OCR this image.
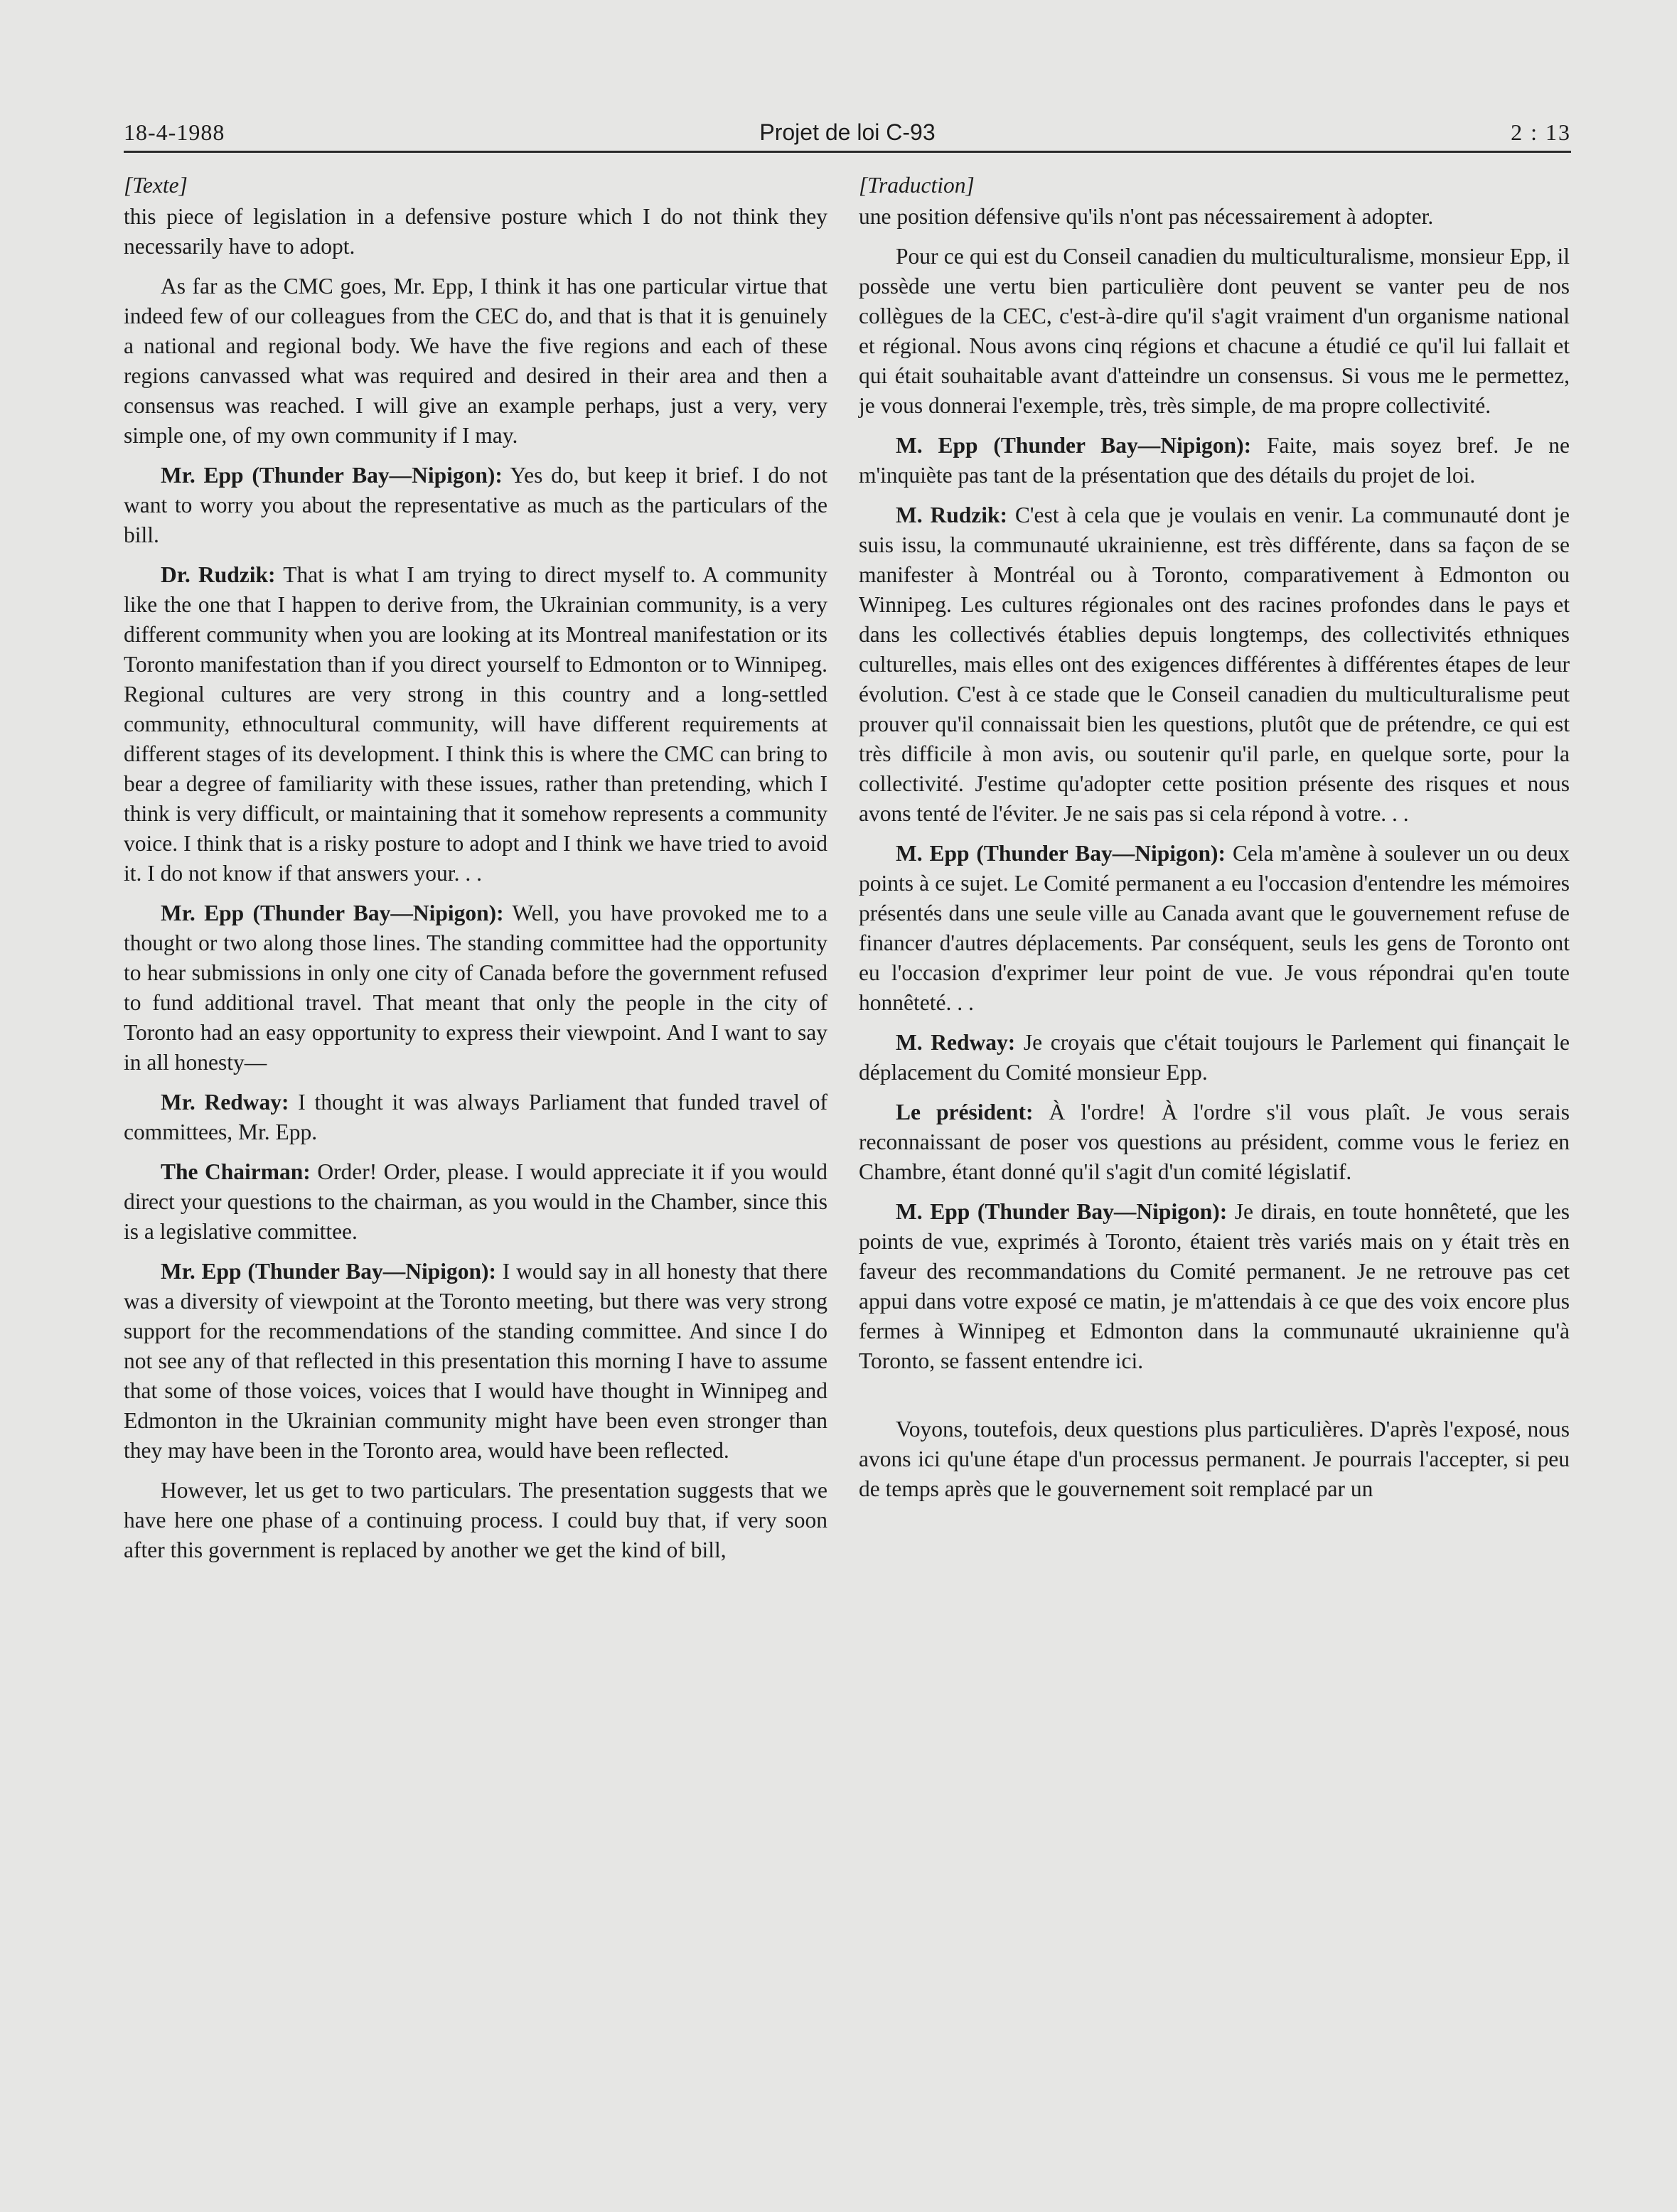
18-4-1988	Projet de loi C-93	2 : 13
[Texte]

this piece of legislation in a defensive posture which I do not think they necessarily have to adopt.

As far as the CMC goes, Mr. Epp, I think it has one particular virtue that indeed few of our colleagues from the CEC do, and that is that it is genuinely a national and regional body. We have the five regions and each of these regions canvassed what was required and desired in their area and then a consensus was reached. I will give an example perhaps, just a very, very simple one, of my own community if I may.

Mr. Epp (Thunder Bay—Nipigon): Yes do, but keep it brief. I do not want to worry you about the representative as much as the particulars of the bill.

Dr. Rudzik: That is what I am trying to direct myself to. A community like the one that I happen to derive from, the Ukrainian community, is a very different community when you are looking at its Montreal manifestation or its Toronto manifestation than if you direct yourself to Edmonton or to Winnipeg. Regional cultures are very strong in this country and a long-settled community, ethnocultural community, will have different requirements at different stages of its development. I think this is where the CMC can bring to bear a degree of familiarity with these issues, rather than pretending, which I think is very difficult, or maintaining that it somehow represents a community voice. I think that is a risky posture to adopt and I think we have tried to avoid it. I do not know if that answers your. . .

Mr. Epp (Thunder Bay—Nipigon): Well, you have provoked me to a thought or two along those lines. The standing committee had the opportunity to hear submissions in only one city of Canada before the government refused to fund additional travel. That meant that only the people in the city of Toronto had an easy opportunity to express their viewpoint. And I want to say in all honesty—

Mr. Redway: I thought it was always Parliament that funded travel of committees, Mr. Epp.

The Chairman: Order! Order, please. I would appreciate it if you would direct your questions to the chairman, as you would in the Chamber, since this is a legislative committee.

Mr. Epp (Thunder Bay—Nipigon): I would say in all honesty that there was a diversity of viewpoint at the Toronto meeting, but there was very strong support for the recommendations of the standing committee. And since I do not see any of that reflected in this presentation this morning I have to assume that some of those voices, voices that I would have thought in Winnipeg and Edmonton in the Ukrainian community might have been even stronger than they may have been in the Toronto area, would have been reflected.

However, let us get to two particulars. The presentation suggests that we have here one phase of a continuing process. I could buy that, if very soon after this government is replaced by another we get the kind of bill,

[Traduction]

une position défensive qu'ils n'ont pas nécessairement à adopter.

Pour ce qui est du Conseil canadien du multiculturalisme, monsieur Epp, il possède une vertu bien particulière dont peuvent se vanter peu de nos collègues de la CEC, c'est-à-dire qu'il s'agit vraiment d'un organisme national et régional. Nous avons cinq régions et chacune a étudié ce qu'il lui fallait et qui était souhaitable avant d'atteindre un consensus. Si vous me le permettez, je vous donnerai l'exemple, très, très simple, de ma propre collectivité.

M. Epp (Thunder Bay—Nipigon): Faite, mais soyez bref. Je ne m'inquiète pas tant de la présentation que des détails du projet de loi.

M. Rudzik: C'est à cela que je voulais en venir. La communauté dont je suis issu, la communauté ukrainienne, est très différente, dans sa façon de se manifester à Montréal ou à Toronto, comparativement à Edmonton ou Winnipeg. Les cultures régionales ont des racines profondes dans le pays et dans les collectivés établies depuis longtemps, des collectivités ethniques culturelles, mais elles ont des exigences différentes à différentes étapes de leur évolution. C'est à ce stade que le Conseil canadien du multiculturalisme peut prouver qu'il connaissait bien les questions, plutôt que de prétendre, ce qui est très difficile à mon avis, ou soutenir qu'il parle, en quelque sorte, pour la collectivité. J'estime qu'adopter cette position présente des risques et nous avons tenté de l'éviter. Je ne sais pas si cela répond à votre. . .

M. Epp (Thunder Bay—Nipigon): Cela m'amène à soulever un ou deux points à ce sujet. Le Comité permanent a eu l'occasion d'entendre les mémoires présentés dans une seule ville au Canada avant que le gouvernement refuse de financer d'autres déplacements. Par conséquent, seuls les gens de Toronto ont eu l'occasion d'exprimer leur point de vue. Je vous répondrai qu'en toute honnêteté. . .

M. Redway: Je croyais que c'était toujours le Parlement qui finançait le déplacement du Comité monsieur Epp.

Le président: À l'ordre! À l'ordre s'il vous plaît. Je vous serais reconnaissant de poser vos questions au président, comme vous le feriez en Chambre, étant donné qu'il s'agit d'un comité législatif.

M. Epp (Thunder Bay—Nipigon): Je dirais, en toute honnêteté, que les points de vue, exprimés à Toronto, étaient très variés mais on y était très en faveur des recommandations du Comité permanent. Je ne retrouve pas cet appui dans votre exposé ce matin, je m'attendais à ce que des voix encore plus fermes à Winnipeg et Edmonton dans la communauté ukrainienne qu'à Toronto, se fassent entendre ici.

Voyons, toutefois, deux questions plus particulières. D'après l'exposé, nous avons ici qu'une étape d'un processus permanent. Je pourrais l'accepter, si peu de temps après que le gouvernement soit remplacé par un
